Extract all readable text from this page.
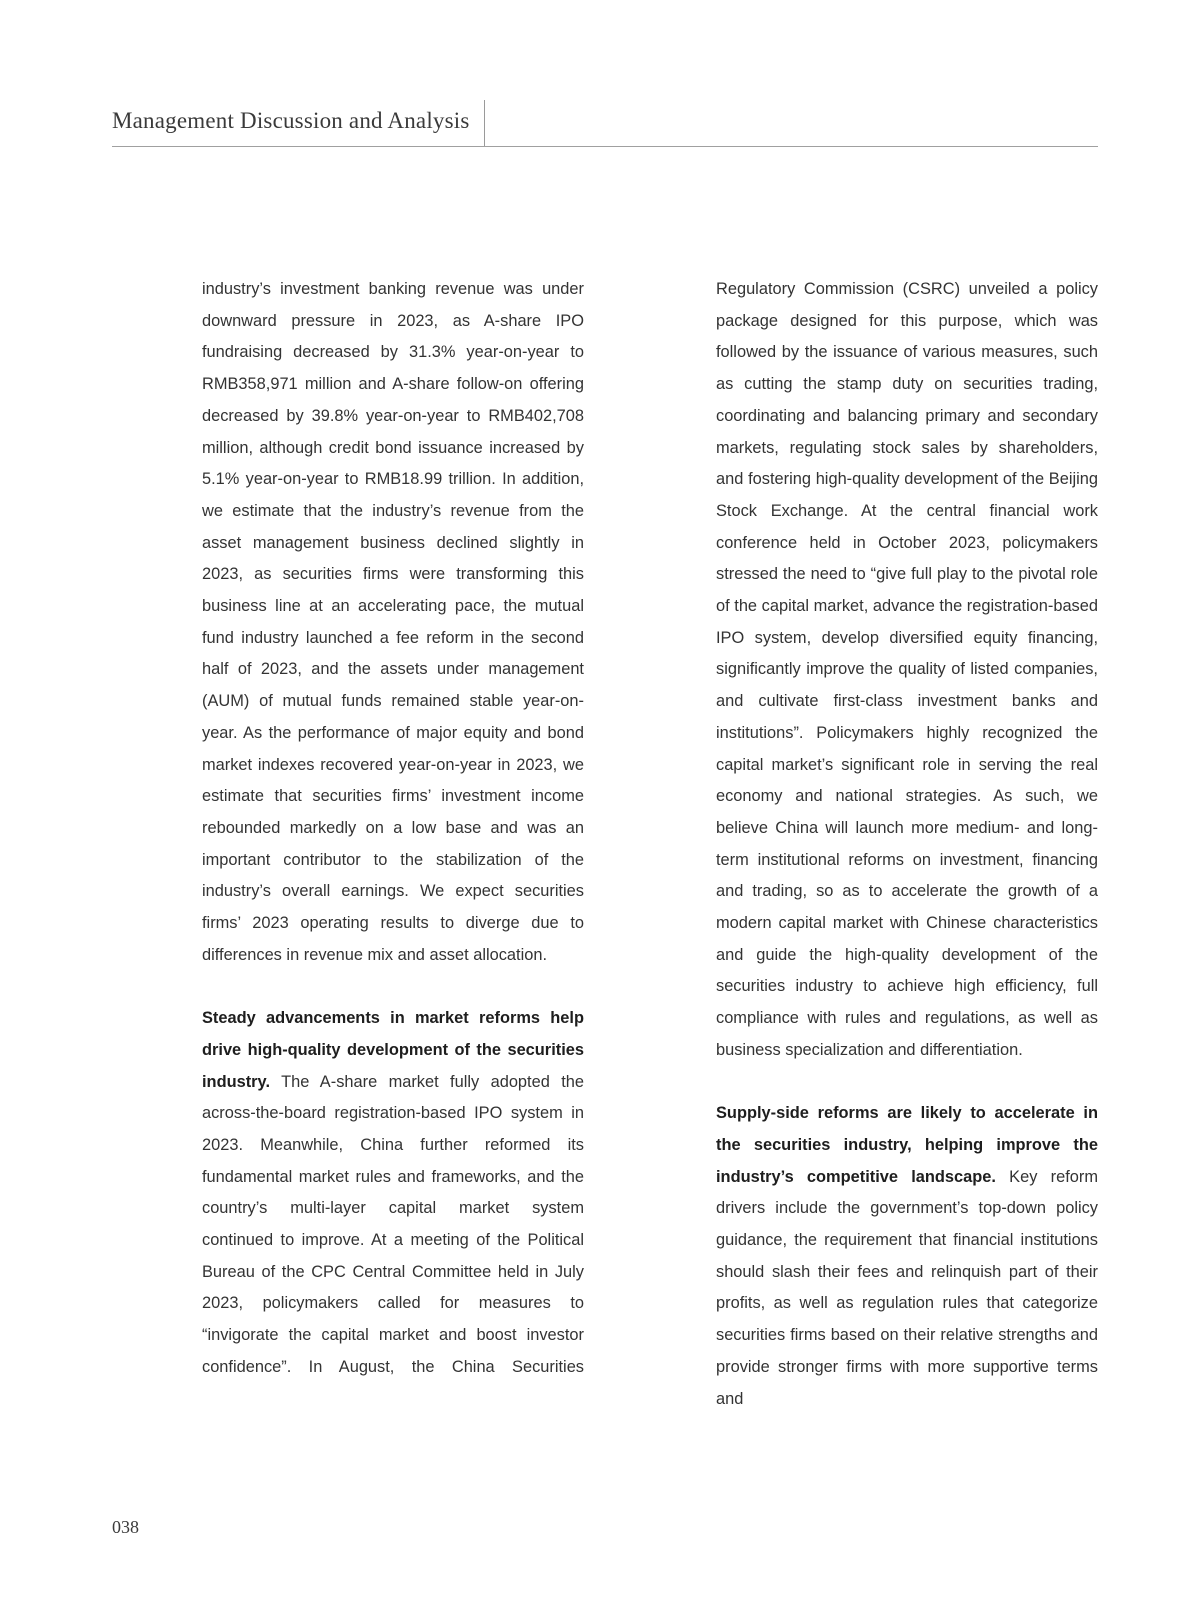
Management Discussion and Analysis

industry’s investment banking revenue was under downward pressure in 2023, as A-share IPO fundraising decreased by 31.3% year-on-year to RMB358,971 million and A-share follow-on offering decreased by 39.8% year-on-year to RMB402,708 million, although credit bond issuance increased by 5.1% year-on-year to RMB18.99 trillion. In addition, we estimate that the industry’s revenue from the asset management business declined slightly in 2023, as securities firms were transforming this business line at an accelerating pace, the mutual fund industry launched a fee reform in the second half of 2023, and the assets under management (AUM) of mutual funds remained stable year-on-year. As the performance of major equity and bond market indexes recovered year-on-year in 2023, we estimate that securities firms’ investment income rebounded markedly on a low base and was an important contributor to the stabilization of the industry’s overall earnings. We expect securities firms’ 2023 operating results to diverge due to differences in revenue mix and asset allocation.

Steady advancements in market reforms help drive high-quality development of the securities industry. The A-share market fully adopted the across-the-board registration-based IPO system in 2023. Meanwhile, China further reformed its fundamental market rules and frameworks, and the country’s multi-layer capital market system continued to improve. At a meeting of the Political Bureau of the CPC Central Committee held in July 2023, policymakers called for measures to “invigorate the capital market and boost investor confidence”. In August, the China Securities

Regulatory Commission (CSRC) unveiled a policy package designed for this purpose, which was followed by the issuance of various measures, such as cutting the stamp duty on securities trading, coordinating and balancing primary and secondary markets, regulating stock sales by shareholders, and fostering high-quality development of the Beijing Stock Exchange. At the central financial work conference held in October 2023, policymakers stressed the need to “give full play to the pivotal role of the capital market, advance the registration-based IPO system, develop diversified equity financing, significantly improve the quality of listed companies, and cultivate first-class investment banks and institutions”. Policymakers highly recognized the capital market’s significant role in serving the real economy and national strategies. As such, we believe China will launch more medium- and long-term institutional reforms on investment, financing and trading, so as to accelerate the growth of a modern capital market with Chinese characteristics and guide the high-quality development of the securities industry to achieve high efficiency, full compliance with rules and regulations, as well as business specialization and differentiation.

Supply-side reforms are likely to accelerate in the securities industry, helping improve the industry’s competitive landscape. Key reform drivers include the government’s top-down policy guidance, the requirement that financial institutions should slash their fees and relinquish part of their profits, as well as regulation rules that categorize securities firms based on their relative strengths and provide stronger firms with more supportive terms and

038
